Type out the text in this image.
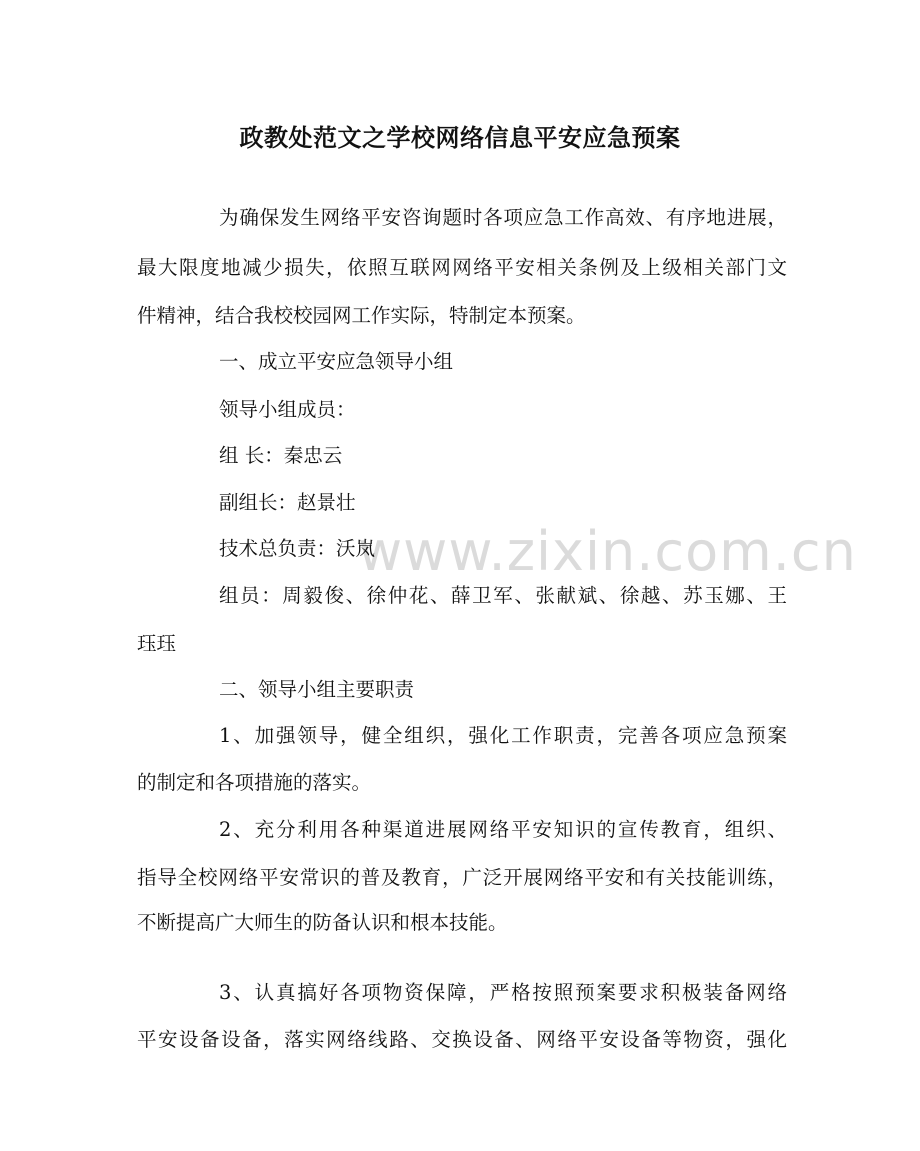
政教处范文之学校网络信息平安应急预案
www.zixin.com.cn
为确保发生网络平安咨询题时各项应急工作高效、有序地进展，
最大限度地减少损失，依照互联网网络平安相关条例及上级相关部门文
件精神，结合我校校园网工作实际，特制定本预案。
一、成立平安应急领导小组
领导小组成员：
组 长：秦忠云
副组长：赵景壮
技术总负责：沃岚
组员：周毅俊、徐仲花、薛卫军、张献斌、徐越、苏玉娜、王
珏珏
二、领导小组主要职责
1、加强领导，健全组织，强化工作职责，完善各项应急预案
的制定和各项措施的落实。
2、充分利用各种渠道进展网络平安知识的宣传教育，组织、
指导全校网络平安常识的普及教育，广泛开展网络平安和有关技能训练，
不断提高广大师生的防备认识和根本技能。
3、认真搞好各项物资保障，严格按照预案要求积极装备网络
平安设备设备，落实网络线路、交换设备、网络平安设备等物资，强化
